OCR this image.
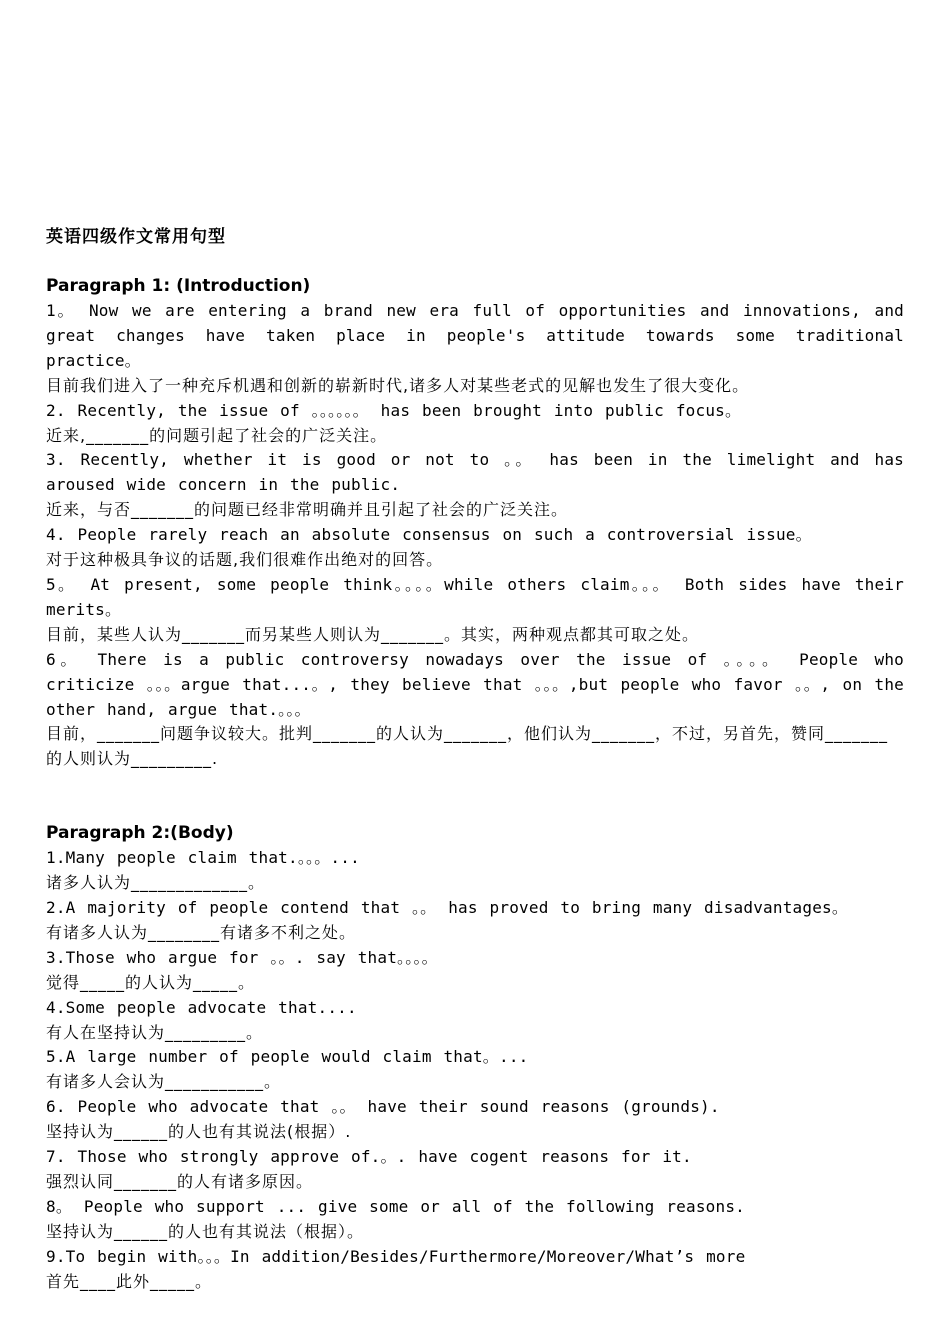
英语四级作文常用句型
Paragraph 1: (Introduction)
1。 Now we are entering a brand new era full of opportunities and innovations, and great changes have taken place in people's attitude towards some traditional practice。
目前我们进入了一种充斥机遇和创新的崭新时代,诸多人对某些老式的见解也发生了很大变化。
2. Recently, the issue of 。。。。。。 has been brought into public focus。
近来,_______的问题引起了社会的广泛关注。
3. Recently, whether it is good or not to 。。 has been in the limelight and has aroused wide concern in the public.
近来，与否_______的问题已经非常明确并且引起了社会的广泛关注。
4. People rarely reach an absolute consensus on such a controversial issue。
对于这种极具争议的话题,我们很难作出绝对的回答。
5。 At present, some people think。。。。while others claim。。。 Both sides have their merits。
目前，某些人认为_______而另某些人则认为_______。其实，两种观点都其可取之处。
6。 There is a public controversy nowadays over the issue of 。。。。 People who criticize 。。。argue that...。, they believe that 。。。,but people who favor 。。, on the other hand, argue that.。。。
目前，_______问题争议较大。批判_______的人认为_______，他们认为_______，不过，另首先，赞同_______的人则认为_________.
Paragraph 2:(Body)
1.Many people claim that.。。。...
诸多人认为_____________。
2.A majority of people contend that 。。 has proved to bring many disadvantages。
有诸多人认为________有诸多不利之处。
3.Those who argue for 。。. say that。。。。
觉得_____的人认为_____。
4.Some people advocate that....
有人在坚持认为_________。
5.A large number of people would claim that。...
有诸多人会认为___________。
6. People who advocate that 。。 have their sound reasons (grounds).
坚持认为______的人也有其说法(根据）.
7. Those who strongly approve of.。. have cogent reasons for it.
强烈认同_______的人有诸多原因。
8。 People who support ... give some or all of the following reasons.
坚持认为______的人也有其说法（根据）。
9.To begin with。。。In addition/Besides/Furthermore/Moreover/What’s more
首先____此外_____。
